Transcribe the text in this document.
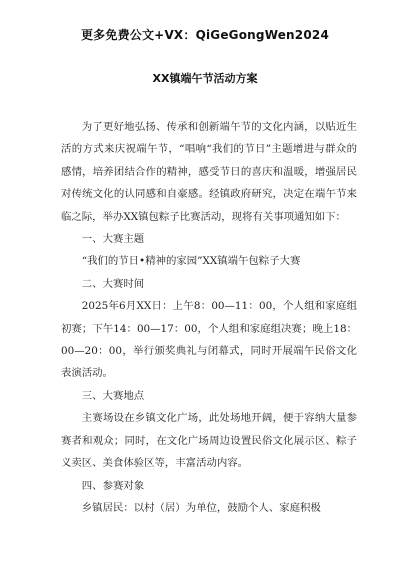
更多免费公文+VX：QiGeGongWen2024
XX镇端午节活动方案

为了更好地弘扬、传承和创新端午节的文化内涵，以贴近生活的方式来庆祝端午节，“唱响“我们的节日”主题增进与群众的感情，培养团结合作的精神，感受节日的喜庆和温暖，增强居民对传统文化的认同感和自豪感。经镇政府研究，决定在端午节来临之际，举办XX镇包粽子比赛活动，现将有关事项通知如下：

一、大赛主题

“我们的节日•精神的家园”XX镇端午包粽子大赛

二、大赛时间

2025年6月XX日：上午8：00—11：00，个人组和家庭组初赛；下午14：00—17：00，个人组和家庭组决赛；晚上18：00—20：00，举行颁奖典礼与闭幕式，同时开展端午民俗文化表演活动。

三、大赛地点

主赛场设在乡镇文化广场，此处场地开阔，便于容纳大量参赛者和观众；同时，在文化广场周边设置民俗文化展示区、粽子义卖区、美食体验区等，丰富活动内容。

四、参赛对象

乡镇居民：以村（居）为单位，鼓励个人、家庭积极
